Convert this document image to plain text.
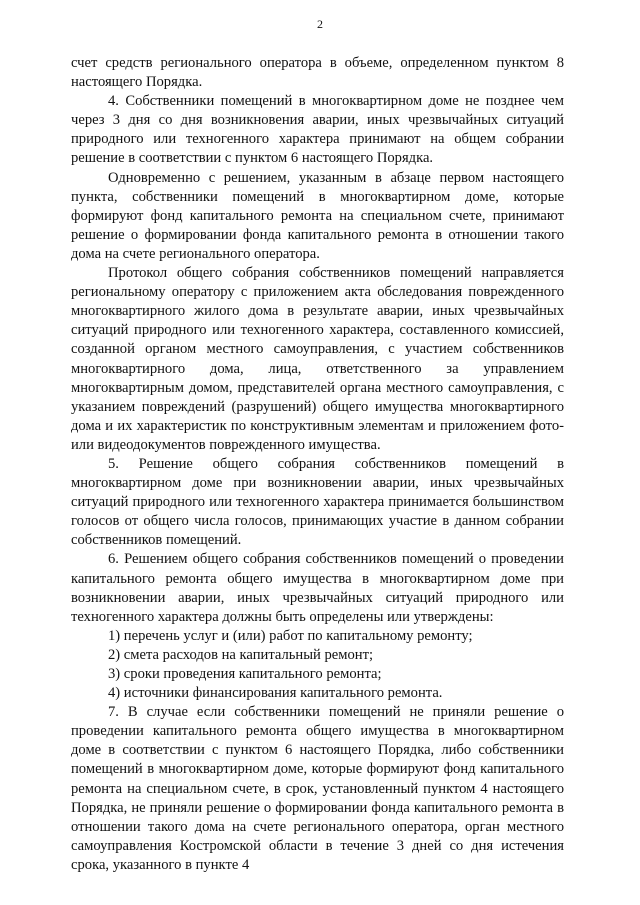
2

счет средств регионального оператора в объеме, определенном пунктом 8 настоящего Порядка.

4. Собственники помещений в многоквартирном доме не позднее чем через 3 дня со дня возникновения аварии, иных чрезвычайных ситуаций природного или техногенного характера принимают на общем собрании решение в соответствии с пунктом 6 настоящего Порядка.

Одновременно с решением, указанным в абзаце первом настоящего пункта, собственники помещений в многоквартирном доме, которые формируют фонд капитального ремонта на специальном счете, принимают решение о формировании фонда капитального ремонта в отношении такого дома на счете регионального оператора.

Протокол общего собрания собственников помещений направляется региональному оператору с приложением акта обследования поврежденного многоквартирного жилого дома в результате аварии, иных чрезвычайных ситуаций природного или техногенного характера, составленного комиссией, созданной органом местного самоуправления, с участием собственников многоквартирного дома, лица, ответственного за управлением многоквартирным домом, представителей органа местного самоуправления, с указанием повреждений (разрушений) общего имущества многоквартирного дома и их характеристик по конструктивным элементам и приложением фото- или видеодокументов поврежденного имущества.

5. Решение общего собрания собственников помещений в многоквартирном доме при возникновении аварии, иных чрезвычайных ситуаций природного или техногенного характера принимается большинством голосов от общего числа голосов, принимающих участие в данном собрании собственников помещений.

6. Решением общего собрания собственников помещений о проведении капитального ремонта общего имущества в многоквартирном доме при возникновении аварии, иных чрезвычайных ситуаций природного или техногенного характера должны быть определены или утверждены:

1) перечень услуг и (или) работ по капитальному ремонту;

2) смета расходов на капитальный ремонт;

3) сроки проведения капитального ремонта;

4) источники финансирования капитального ремонта.

7. В случае если собственники помещений не приняли решение о проведении капитального ремонта общего имущества в многоквартирном доме в соответствии с пунктом 6 настоящего Порядка, либо собственники помещений в многоквартирном доме, которые формируют фонд капитального ремонта на специальном счете, в срок, установленный пунктом 4 настоящего Порядка, не приняли решение о формировании фонда капитального ремонта в отношении такого дома на счете регионального оператора, орган местного самоуправления Костромской области в течение 3 дней со дня истечения срока, указанного в пункте 4
